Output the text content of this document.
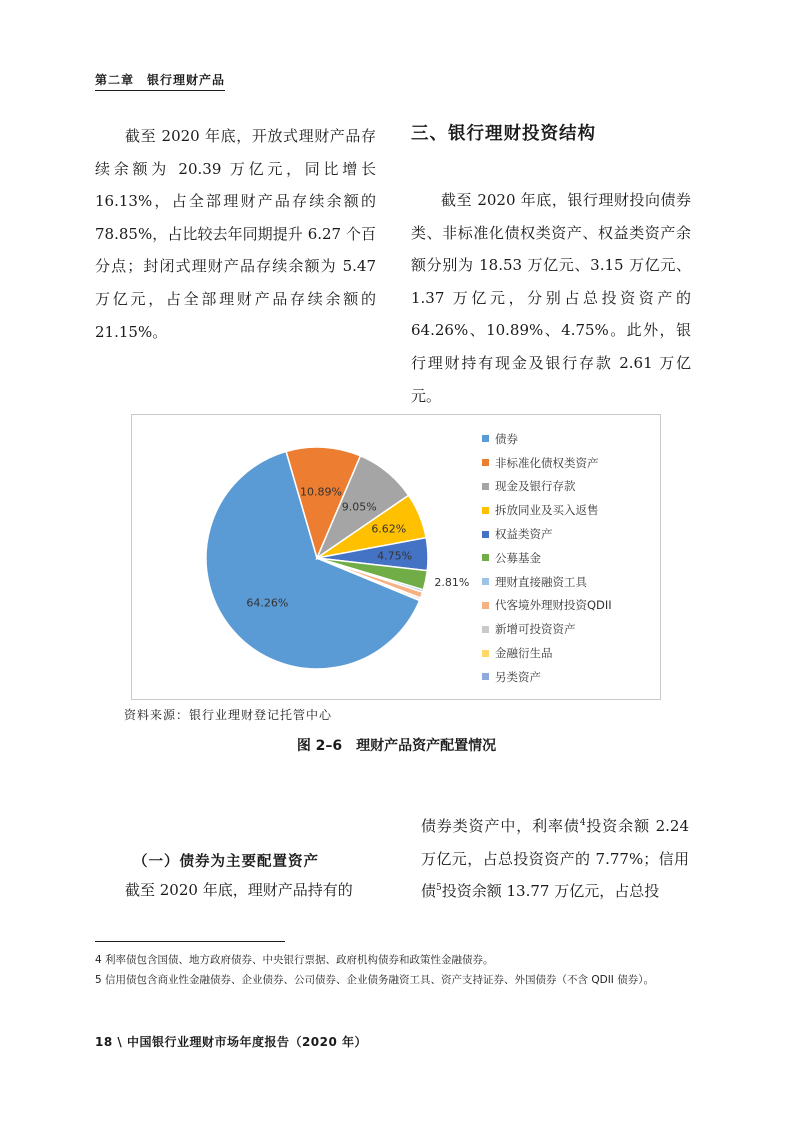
第二章　银行理财产品
截至 2020 年底，开放式理财产品存续余额为 20.39 万亿元，同比增长 16.13%，占全部理财产品存续余额的 78.85%，占比较去年同期提升 6.27 个百分点；封闭式理财产品存续余额为 5.47 万亿元，占全部理财产品存续余额的 21.15%。
三、银行理财投资结构
截至 2020 年底，银行理财投向债券类、非标准化债权类资产、权益类资产余额分别为 18.53 万亿元、3.15 万亿元、1.37 万亿元，分别占总投资资产的 64.26%、10.89%、4.75%。此外，银行理财持有现金及银行存款 2.61 万亿元。
64.26%
10.89%
9.05%
6.62%
4.75%
2.81%
债券
非标准化债权类资产
现金及银行存款
拆放同业及买入返售
权益类资产
公募基金
理财直接融资工具
代客境外理财投资QDII
新增可投资资产
金融衍生品
另类资产
资料来源：银行业理财登记托管中心
图 2–6　理财产品资产配置情况
（一）债券为主要配置资产
截至 2020 年底，理财产品持有的
债券类资产中，利率债$^4$投资余额 2.24 万亿元，占总投资资产的 7.77%；信用债$^5$投资余额 13.77 万亿元，占总投
4 利率债包含国债、地方政府债券、中央银行票据、政府机构债券和政策性金融债券。
5 信用债包含商业性金融债券、企业债券、公司债券、企业债务融资工具、资产支持证券、外国债券（不含 QDII 债券）。
18 \ 中国银行业理财市场年度报告（2020 年）
